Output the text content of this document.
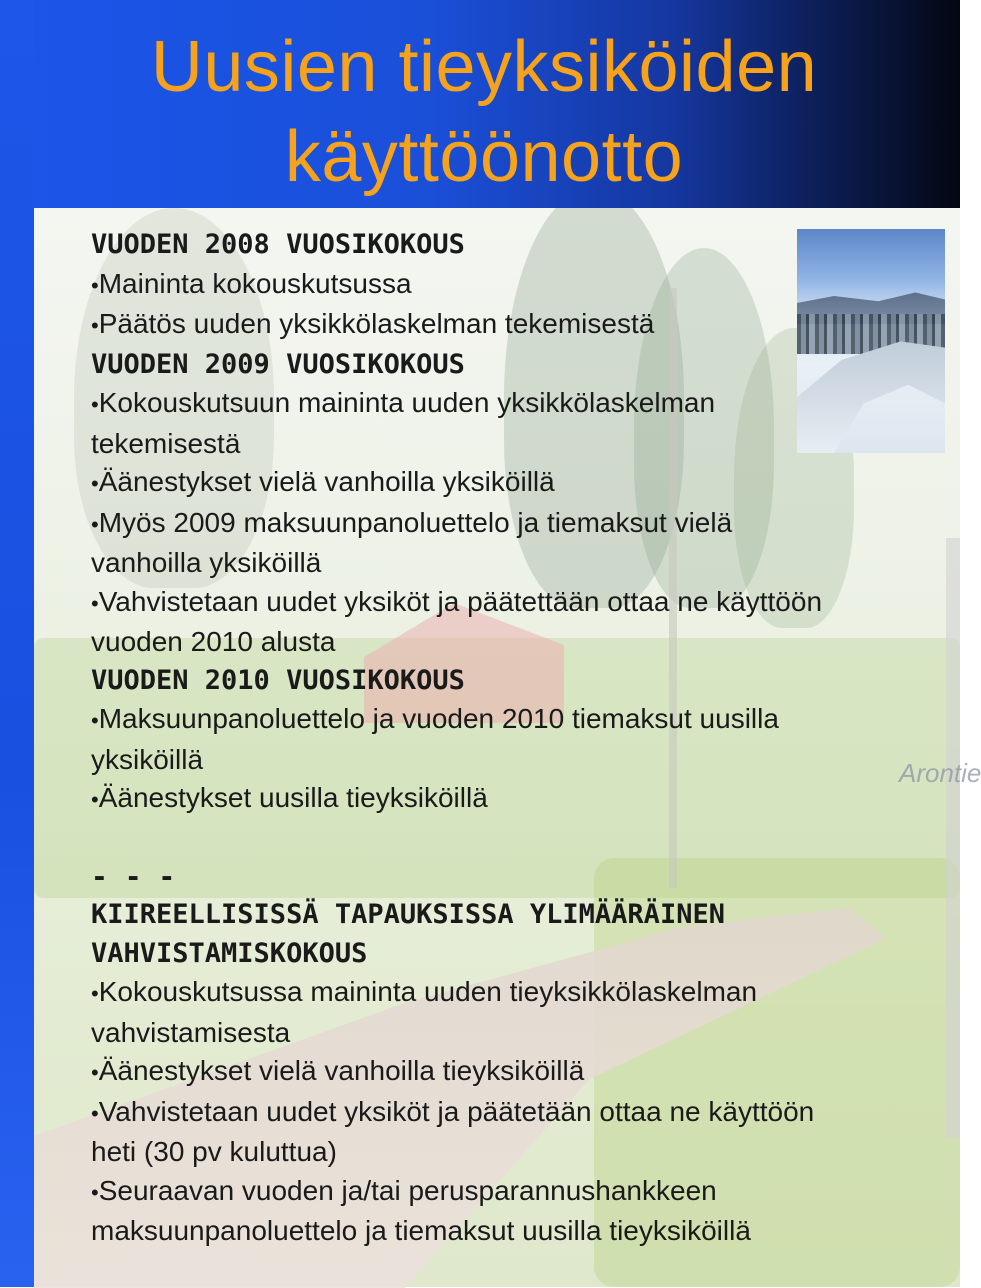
Arontie
Uusien tieyksiköiden
käyttöönotto

VUODEN 2008 VUOSIKOKOUS

•Maininta kokouskutsussa

•Päätös uuden yksikkölaskelman tekemisestä

VUODEN 2009 VUOSIKOKOUS

•Kokouskutsuun maininta uuden yksikkölaskelman
tekemisestä

•Äänestykset vielä vanhoilla yksiköillä

•Myös 2009 maksuunpanoluettelo ja tiemaksut vielä
vanhoilla yksiköillä

•Vahvistetaan uudet yksiköt ja päätettään ottaa ne käyttöön
vuoden 2010 alusta

VUODEN 2010 VUOSIKOKOUS

•Maksuunpanoluettelo ja vuoden 2010 tiemaksut uusilla
yksiköillä

•Äänestykset uusilla tieyksiköillä

- - -

KIIREELLISISSÄ TAPAUKSISSA YLIMÄÄRÄINEN
VAHVISTAMISKOKOUS

•Kokouskutsussa maininta uuden tieyksikkölaskelman
vahvistamisesta

•Äänestykset vielä vanhoilla tieyksiköillä

•Vahvistetaan uudet yksiköt ja päätetään ottaa ne käyttöön
heti (30 pv kuluttua)

•Seuraavan vuoden ja/tai perusparannushankkeen
maksuunpanoluettelo ja tiemaksut uusilla tieyksiköillä
